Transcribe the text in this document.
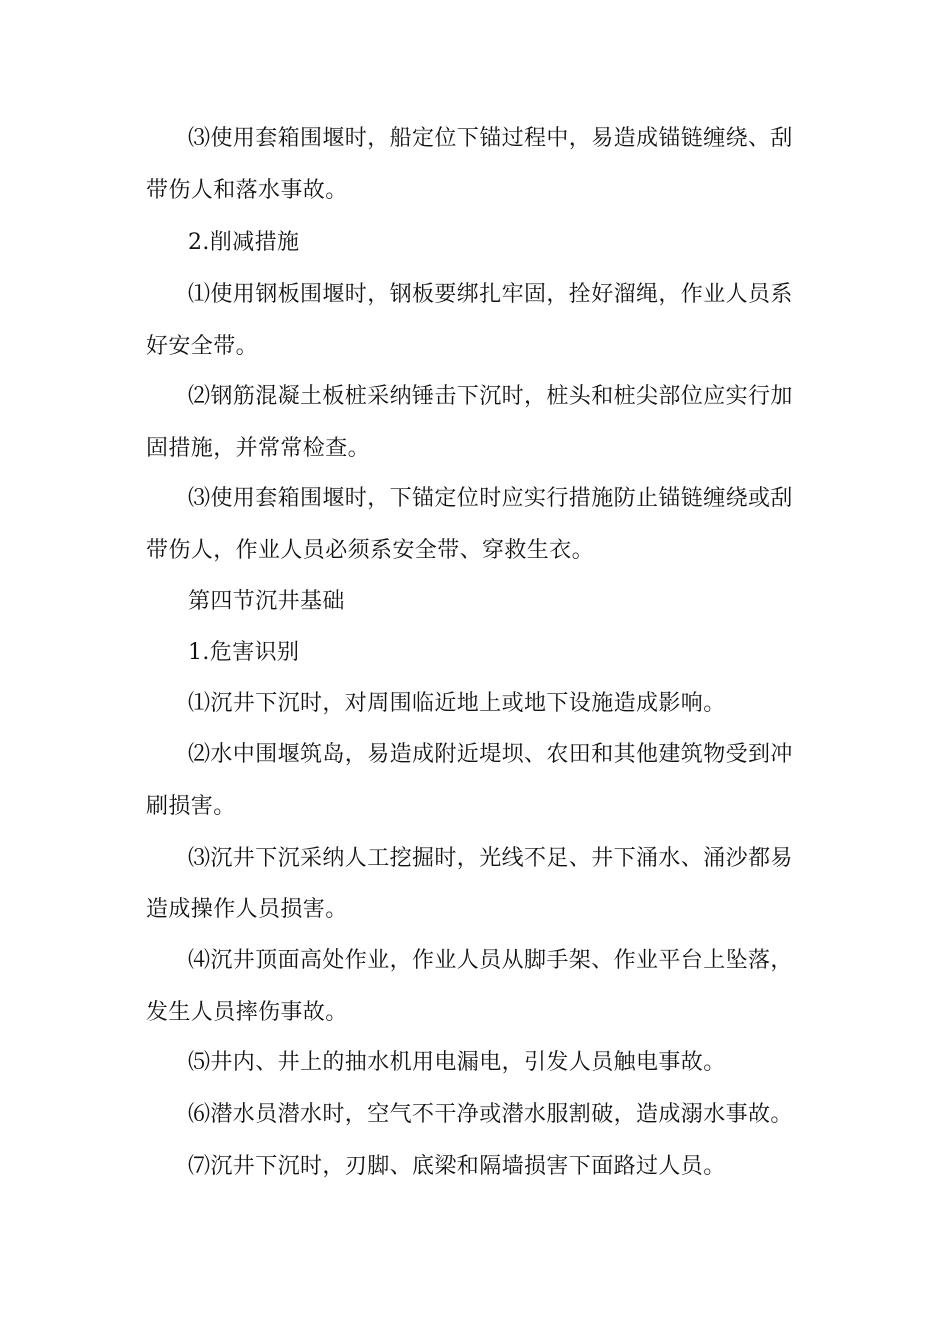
⑶使用套箱围堰时，船定位下锚过程中，易造成锚链缠绕、刮
带伤人和落水事故。
2.削减措施
⑴使用钢板围堰时，钢板要绑扎牢固，拴好溜绳，作业人员系
好安全带。
⑵钢筋混凝土板桩采纳锤击下沉时，桩头和桩尖部位应实行加
固措施，并常常检查。
⑶使用套箱围堰时，下锚定位时应实行措施防止锚链缠绕或刮
带伤人，作业人员必须系安全带、穿救生衣。
第四节沉井基础
1.危害识别
⑴沉井下沉时，对周围临近地上或地下设施造成影响。
⑵水中围堰筑岛，易造成附近堤坝、农田和其他建筑物受到冲
刷损害。
⑶沉井下沉采纳人工挖掘时，光线不足、井下涌水、涌沙都易
造成操作人员损害。
⑷沉井顶面高处作业，作业人员从脚手架、作业平台上坠落，
发生人员摔伤事故。
⑸井内、井上的抽水机用电漏电，引发人员触电事故。
⑹潜水员潜水时，空气不干净或潜水服割破，造成溺水事故。
⑺沉井下沉时，刃脚、底梁和隔墙损害下面路过人员。
